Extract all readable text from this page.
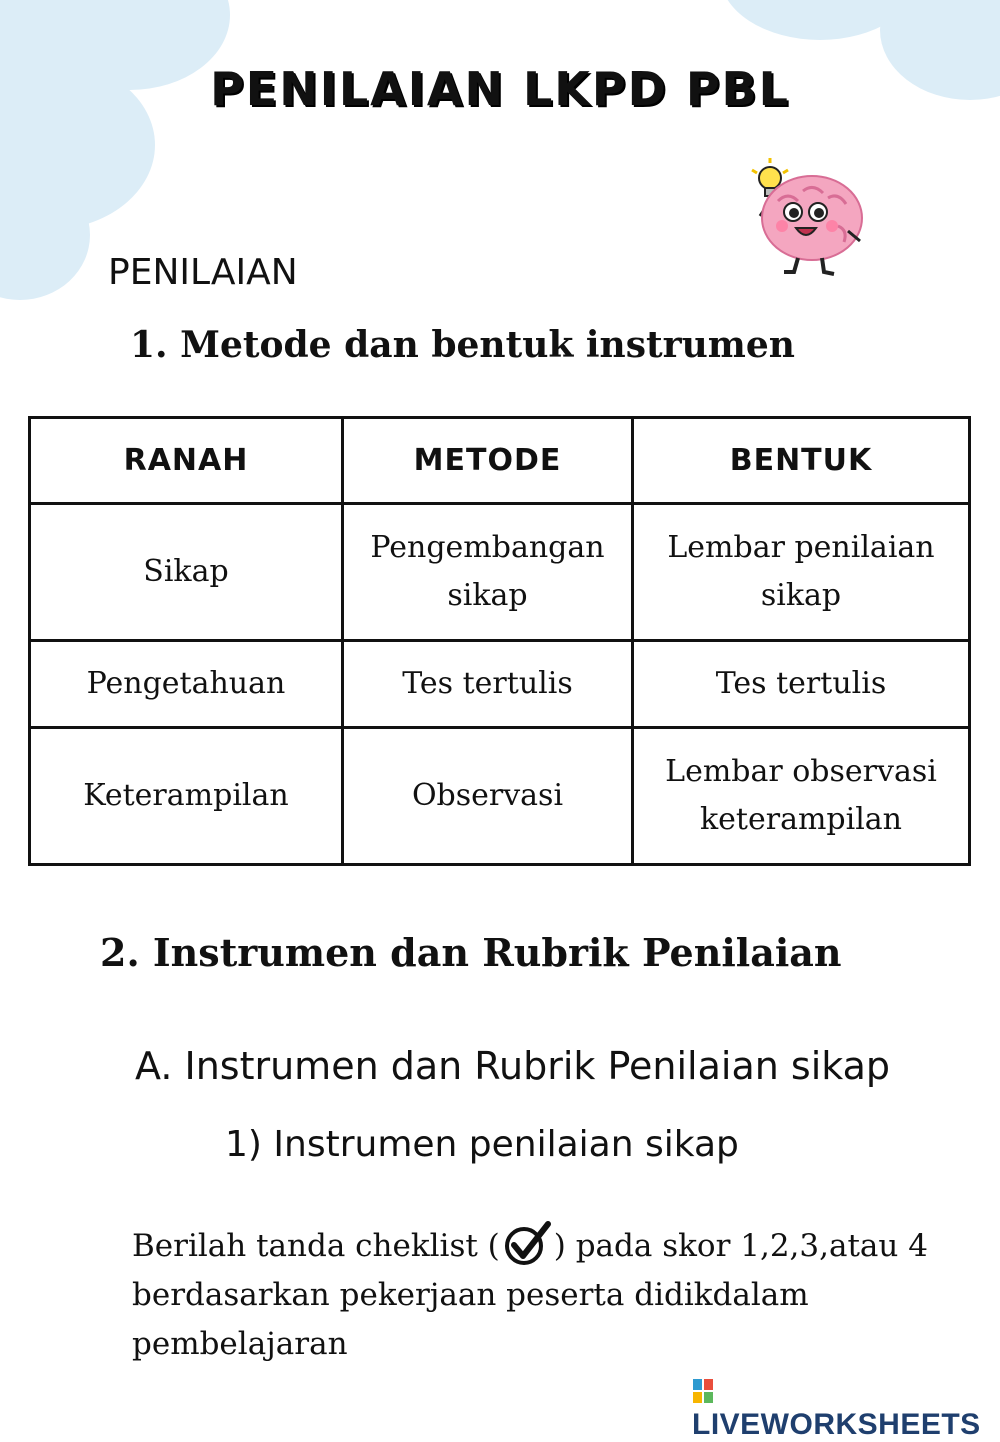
PENILAIAN LKPD PBL
PENILAIAN
1. Metode dan bentuk instrumen
RANAH	METODE	BENTUK
Sikap	Pengembangan sikap	Lembar penilaian sikap
Pengetahuan	Tes tertulis	Tes tertulis
Keterampilan	Observasi	Lembar observasi keterampilan
2. Instrumen dan Rubrik Penilaian
A. Instrumen dan Rubrik Penilaian sikap
1) Instrumen penilaian sikap
Berilah tanda cheklist ( ) pada skor 1,2,3,atau 4 berdasarkan pekerjaan peserta didikdalam pembelajaran
LIVEWORKSHEETS
